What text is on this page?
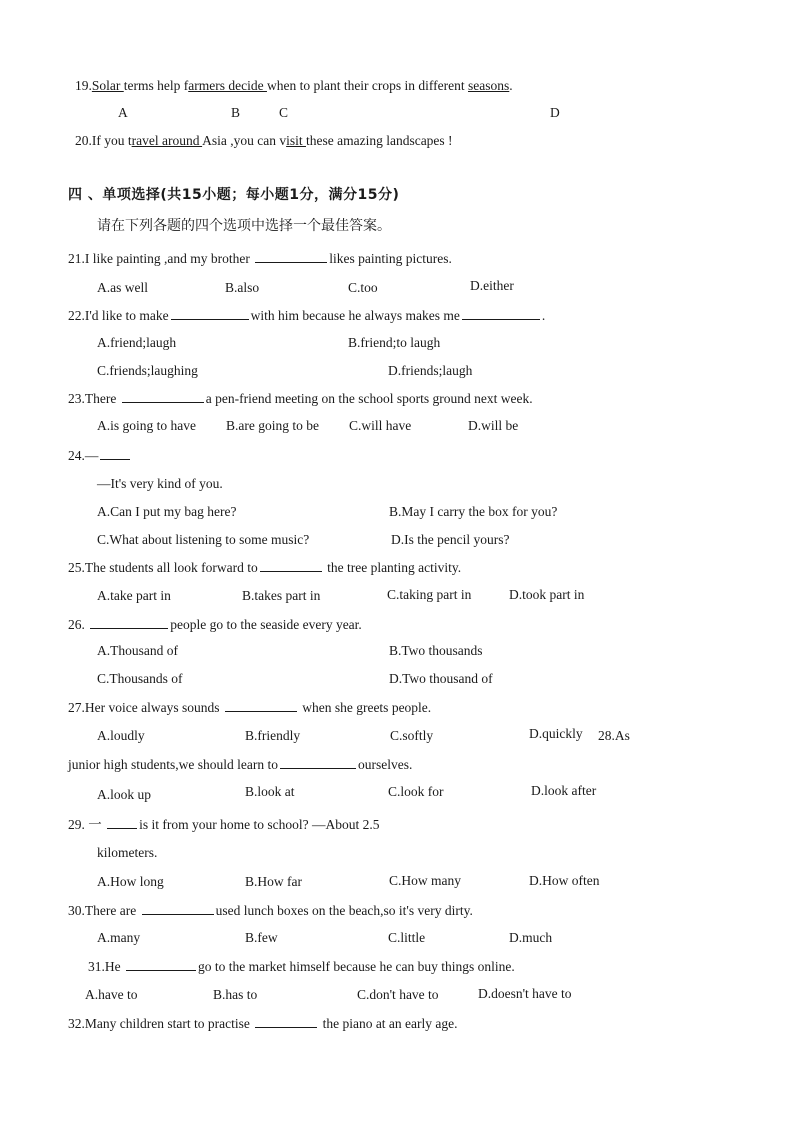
19.Solar terms help farmers decide when to plant their crops in different seasons.
A	B	C	D
20.If you travel around Asia ,you can visit these amazing landscapes !
四 、单项选择(共15小题；每小题1分，满分15分)
请在下列各题的四个选项中选择一个最佳答案。
21.I like painting ,and my brother	likes painting pictures.
A.as well	B.also	C.too	D.either
22.I'd like to make	with him because he always makes me	.
A.friend;laugh	B.friend;to laugh
C.friends;laughing	D.friends;laugh
23.There	a pen-friend meeting on the school sports ground next week.
A.is going to have B.are going to be C.will have	D.will be
24.—
—It's very kind of you.
A.Can I put my bag here?	B.May I carry the box for you?
C.What about listening to some music?	D.Is the pencil yours?
25.The students all look forward to	the tree planting activity.
A.take part in	B.takes part in	C.taking part in	D.took part in
26.	people go to the seaside every year.
A.Thousand of	B.Two thousands
C.Thousands of	D.Two thousand of
27.Her voice always sounds	when she greets people.
A.loudly	B.friendly	C.softly	D.quickly 28.As
junior high students,we should learn to	ourselves.
A.look up	B.look at	C.look for	D.look after
29. 一	is it from your home to school? —About 2.5
kilometers.
A.How long	B.How far	C.How many	D.How often
30.There are	used lunch boxes on the beach,so it's very dirty.
A.many	B.few	C.little	D.much
31.He	go to the market himself because he can buy things online.
A.have to	B.has to	C.don't have to	D.doesn't have to
32.Many children start to practise	the piano at an early age.
